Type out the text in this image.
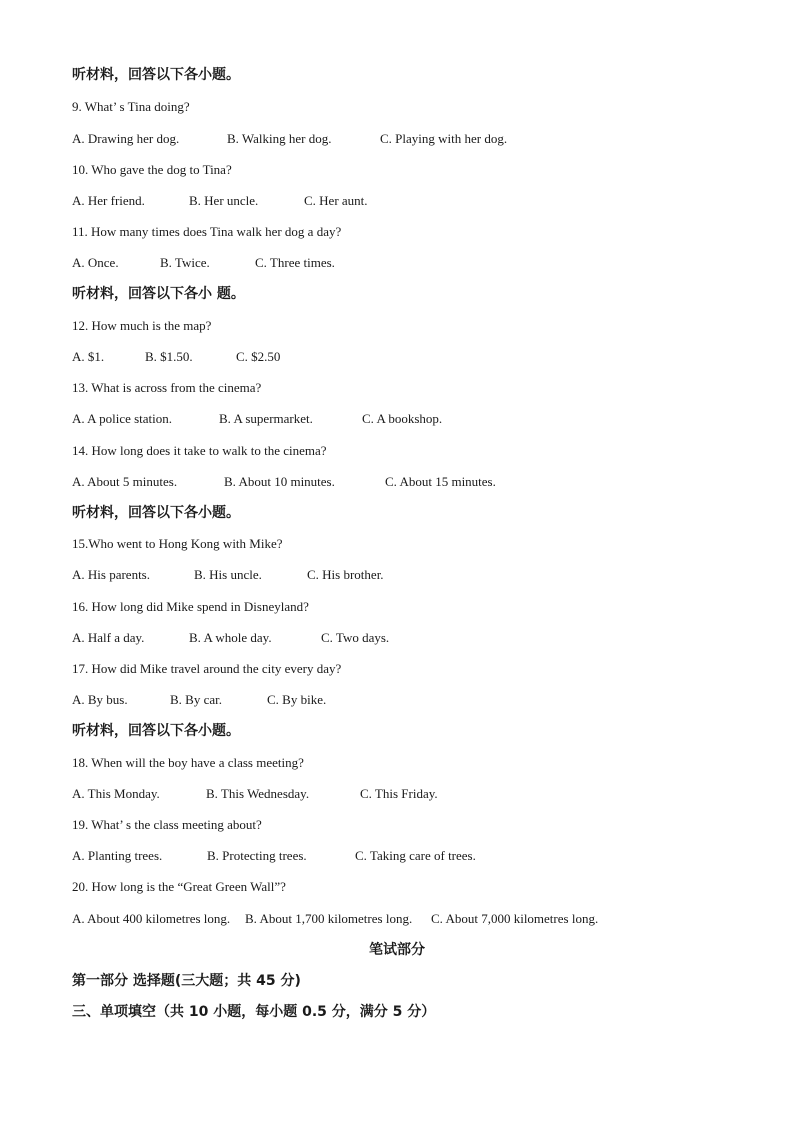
听材料，回答以下各小题。
9. What’ s Tina doing?

A. Drawing her dog.

	B. Walking her dog.

	C. Playing with her dog.

10. Who gave the dog to Tina?

A. Her friend.

	B. Her uncle.

	C. Her aunt.

11. How many times does Tina walk her dog a day?

A. Once.

	B. Twice.

	C. Three times.

听材料，回答以下各小 题。
12. How much is the map?

A. $1.

	B. $1.50.

	C. $2.50

13. What is across from the cinema?

A. A police station.

	B. A supermarket.

	C. A bookshop.

14. How long does it take to walk to the cinema?

A. About 5 minutes.

	B. About 10 minutes.

	C. About 15 minutes.

听材料，回答以下各小题。
15.Who went to Hong Kong with Mike?

A. His parents.

	B. His uncle.

	C. His brother.

16. How long did Mike spend in Disneyland?

A. Half a day.

	B. A whole day.

	C. Two days.

17. How did Mike travel around the city every day?

A. By bus.

	B. By car.

	C. By bike.

听材料，回答以下各小题。
18. When will the boy have a class meeting?

A. This Monday.

	B. This Wednesday.

	C. This Friday.

19. What’ s the class meeting about?

A. Planting trees.

	B. Protecting trees.

	C. Taking care of trees.

20. How long is the “Great Green Wall”?

A. About 400 kilometres long.

B. About 1,700 kilometres long.

C. About 7,000 kilometres long.

笔试部分
第一部分 选择题(三大题；共 45 分)
三、单项填空（共 10 小题，每小题 0.5 分，满分 5 分）
